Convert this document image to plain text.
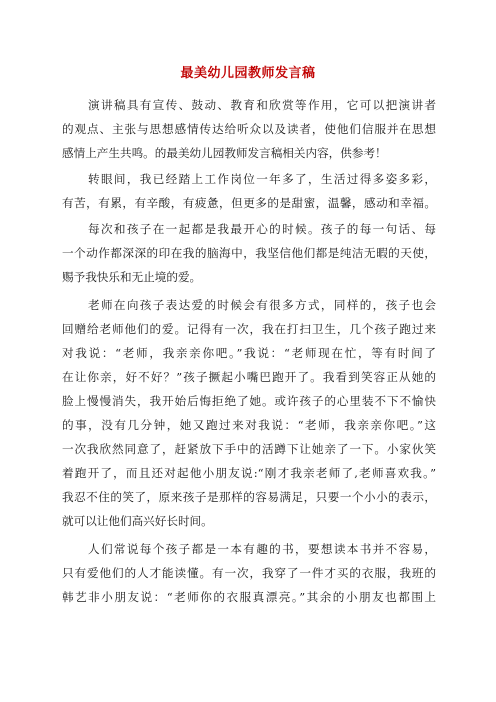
最美幼儿园教师发言稿
演讲稿具有宣传、鼓动、教育和欣赏等作用，它可以把演讲者
的观点、主张与思想感情传达给听众以及读者，使他们信服并在思想
感情上产生共鸣。的最美幼儿园教师发言稿相关内容，供参考！
转眼间，我已经踏上工作岗位一年多了，生活过得多姿多彩，
有苦，有累，有辛酸，有疲惫，但更多的是甜蜜，温馨，感动和幸福。
每次和孩子在一起都是我最开心的时候。孩子的每一句话、每
一个动作都深深的印在我的脑海中，我坚信他们都是纯洁无暇的天使，
赐予我快乐和无止境的爱。
老师在向孩子表达爱的时候会有很多方式，同样的，孩子也会
回赠给老师他们的爱。记得有一次，我在打扫卫生，几个孩子跑过来
对我说：“老师，我亲亲你吧。”我说：“老师现在忙，等有时间了
在让你亲，好不好？”孩子撅起小嘴巴跑开了。我看到笑容正从她的
脸上慢慢消失，我开始后悔拒绝了她。或许孩子的心里装不下不愉快
的事，没有几分钟，她又跑过来对我说：“老师，我亲亲你吧。”这
一次我欣然同意了，赶紧放下手中的活蹲下让她亲了一下。小家伙笑
着跑开了，而且还对起他小朋友说:“刚才我亲老师了,老师喜欢我。”
我忍不住的笑了，原来孩子是那样的容易满足，只要一个小小的表示，
就可以让他们高兴好长时间。
人们常说每个孩子都是一本有趣的书，要想读本书并不容易，
只有爱他们的人才能读懂。有一次，我穿了一件才买的衣服，我班的
韩艺非小朋友说：“老师你的衣服真漂亮。”其余的小朋友也都围上
